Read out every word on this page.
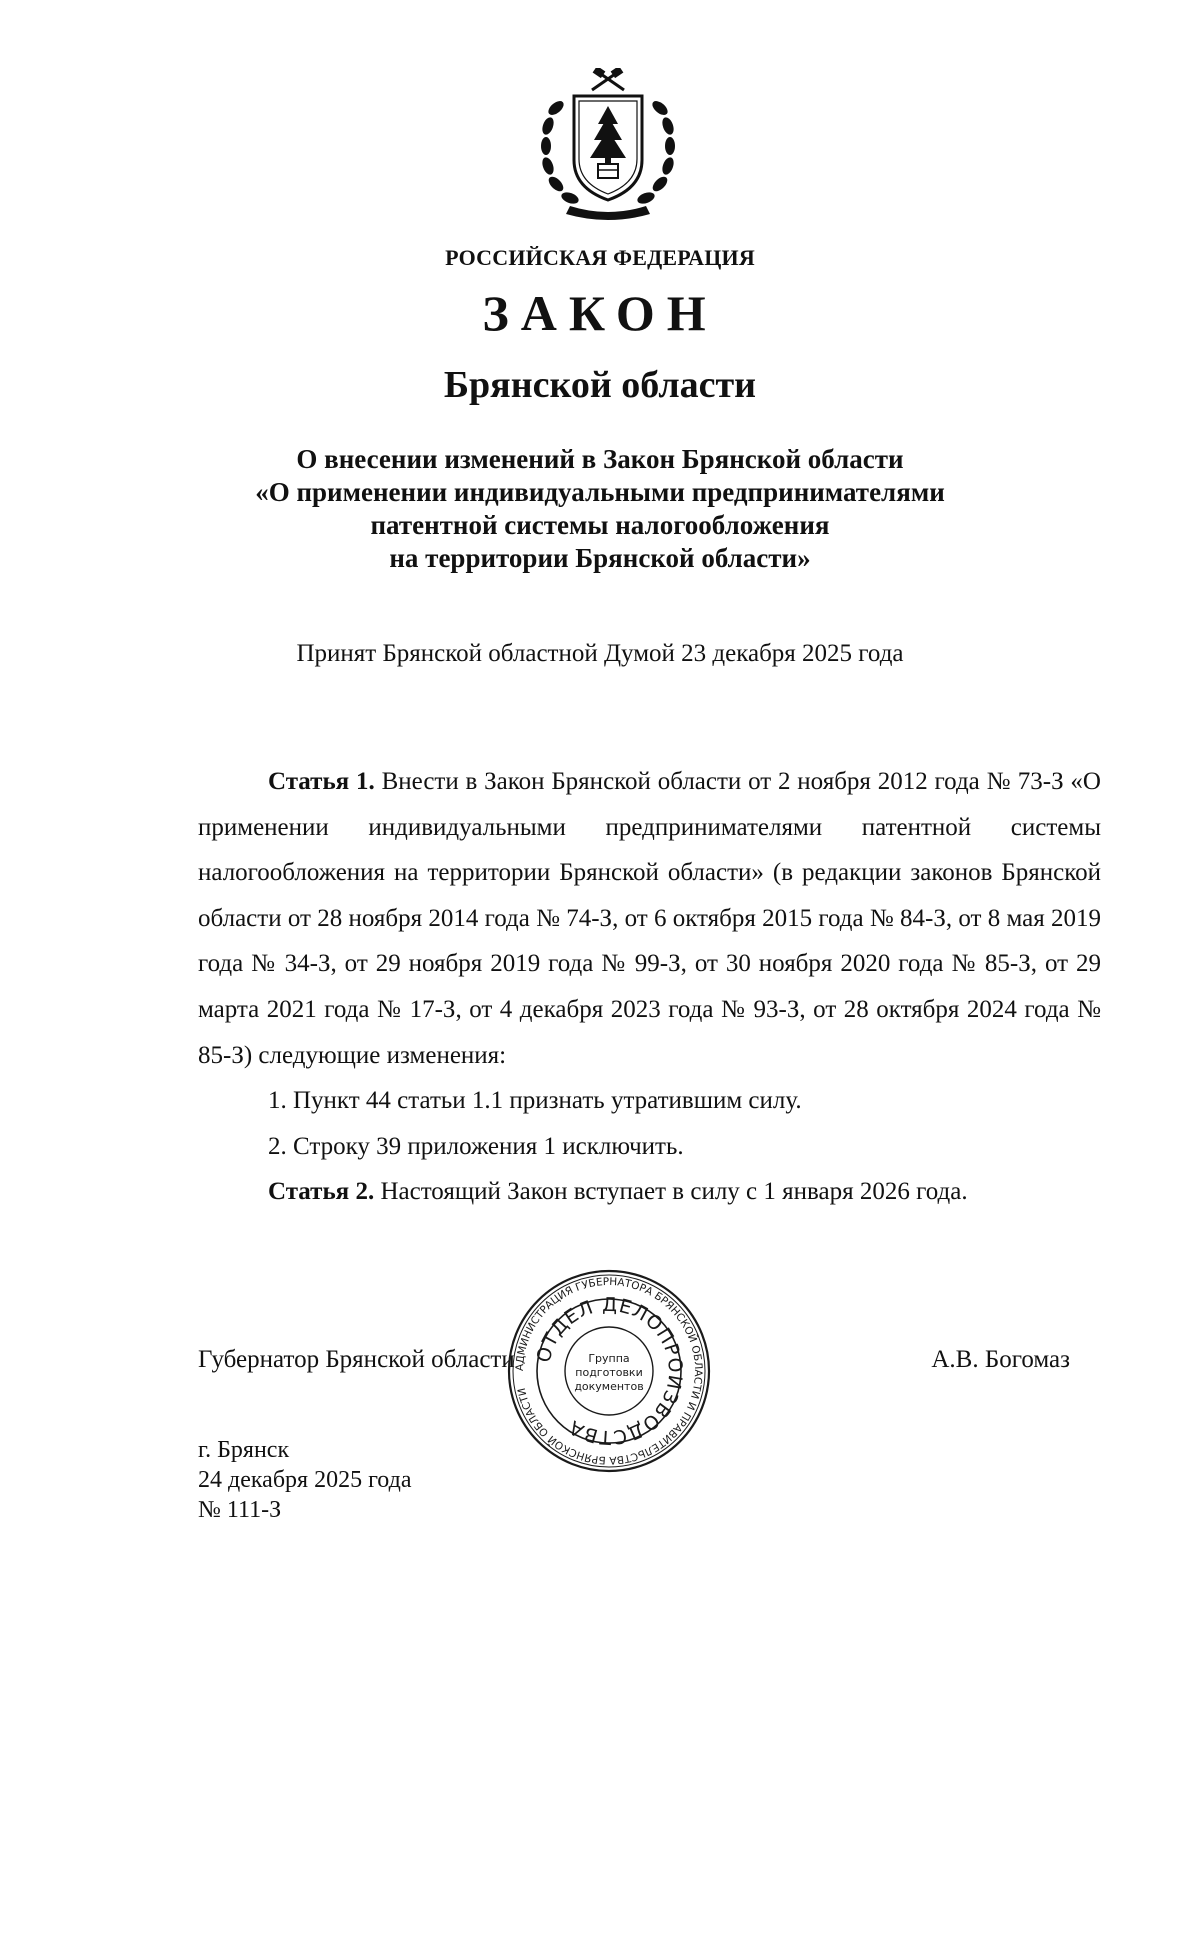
РОССИЙСКАЯ ФЕДЕРАЦИЯ
ЗАКОН
Брянской области
О внесении изменений в Закон Брянской области
«О применении индивидуальными предпринимателями
патентной системы налогообложения
на территории Брянской области»
Принят Брянской областной Думой 23 декабря 2025 года

Статья 1. Внести в Закон Брянской области от 2 ноября 2012 года № 73-З «О применении индивидуальными предпринимателями патентной системы налогообложения на территории Брянской области» (в редакции законов Брянской области от 28 ноября 2014 года № 74-З, от 6 октября 2015 года № 84-З, от 8 мая 2019 года № 34-З, от 29 ноября 2019 года № 99-З, от 30 ноября 2020 года № 85-З, от 29 марта 2021 года № 17-З, от 4 декабря 2023 года № 93-З, от 28 октября 2024 года № 85-З) следующие изменения:

1. Пункт 44 статьи 1.1 признать утратившим силу.

2. Строку 39 приложения 1 исключить.

Статья 2. Настоящий Закон вступает в силу с 1 января 2026 года.

Губернатор Брянской области	А.В. Богомаз
г. Брянск
24 декабря 2025 года
№ 111-З
АДМИНИСТРАЦИЯ ГУБЕРНАТОРА БРЯНСКОЙ ОБЛАСТИ И ПРАВИТЕЛЬСТВА БРЯНСКОЙ ОБЛАСТИ
ОТДЕЛ ДЕЛОПРОИЗВОДСТВА
Группа
подготовки
документов
